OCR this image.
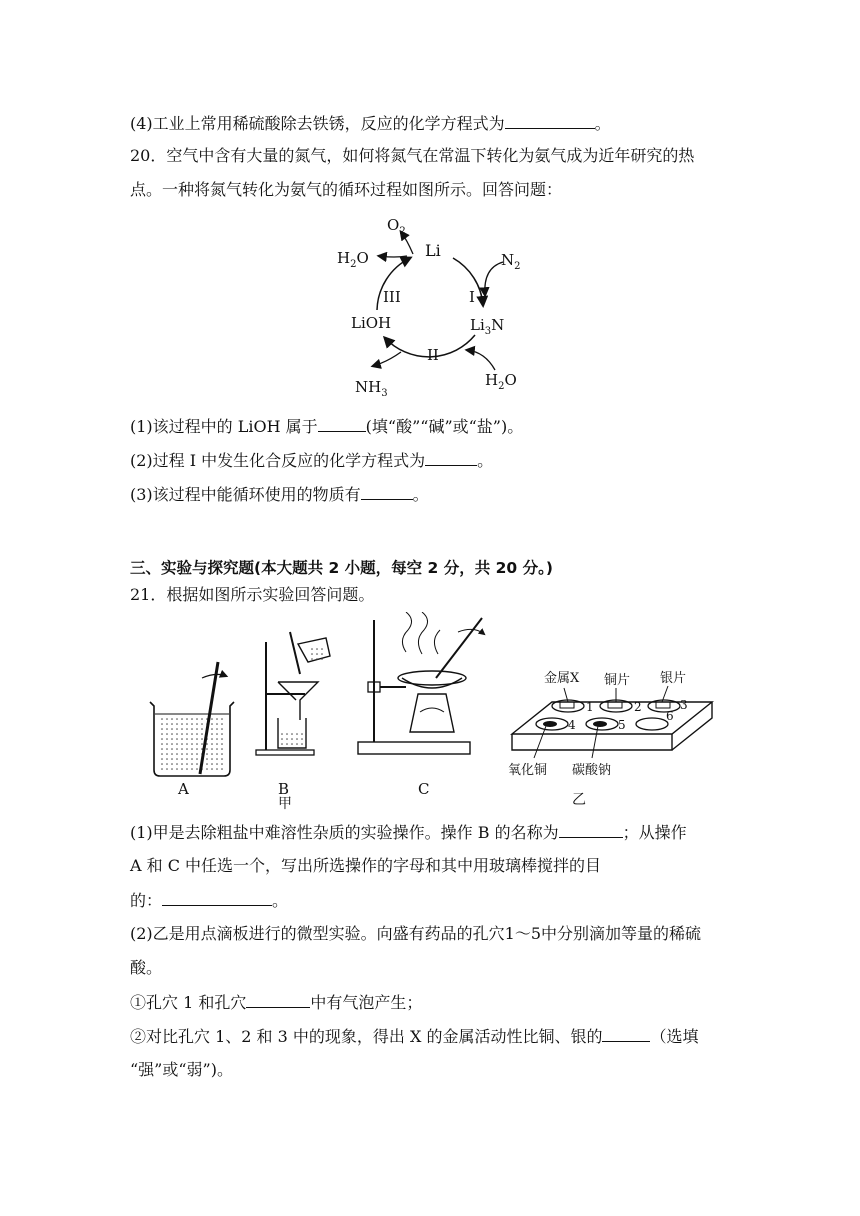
(4)工业上常用稀硫酸除去铁锈，反应的化学方程式为	。
20．空气中含有大量的氮气，如何将氮气在常温下转化为氨气成为近年研究的热
点。一种将氮气转化为氨气的循环过程如图所示。回答问题：
$O_2$
Li	$N_2$
$H_2O$
I
II
III
$Li_3N$
LiOH
$H_2O$
$NH_3$
(1)该过程中的 LiOH 属于	(填“酸”“碱”或“盐”)。
(2)过程 I 中发生化合反应的化学方程式为	。
(3)该过程中能循环使用的物质有	。
三、实验与探究题(本大题共 2 小题，每空 2 分，共 20 分。)
21．根据如图所示实验回答问题。
A	B	C
甲
金属X 铜片 银片
1	2	3
4	5
6
氧化铜 碳酸钠
乙
(1)甲是去除粗盐中难溶性杂质的实验操作。操作 B 的名称为	；从操作
A 和 C 中任选一个，写出所选操作的字母和其中用玻璃棒搅拌的目
的：	。
(2)乙是用点滴板进行的微型实验。向盛有药品的孔穴1～5中分别滴加等量的稀硫
酸。
①孔穴 1 和孔穴	中有气泡产生；
②对比孔穴 1、2 和 3 中的现象，得出 X 的金属活动性比铜、银的	（选填
“强”或“弱”)。
